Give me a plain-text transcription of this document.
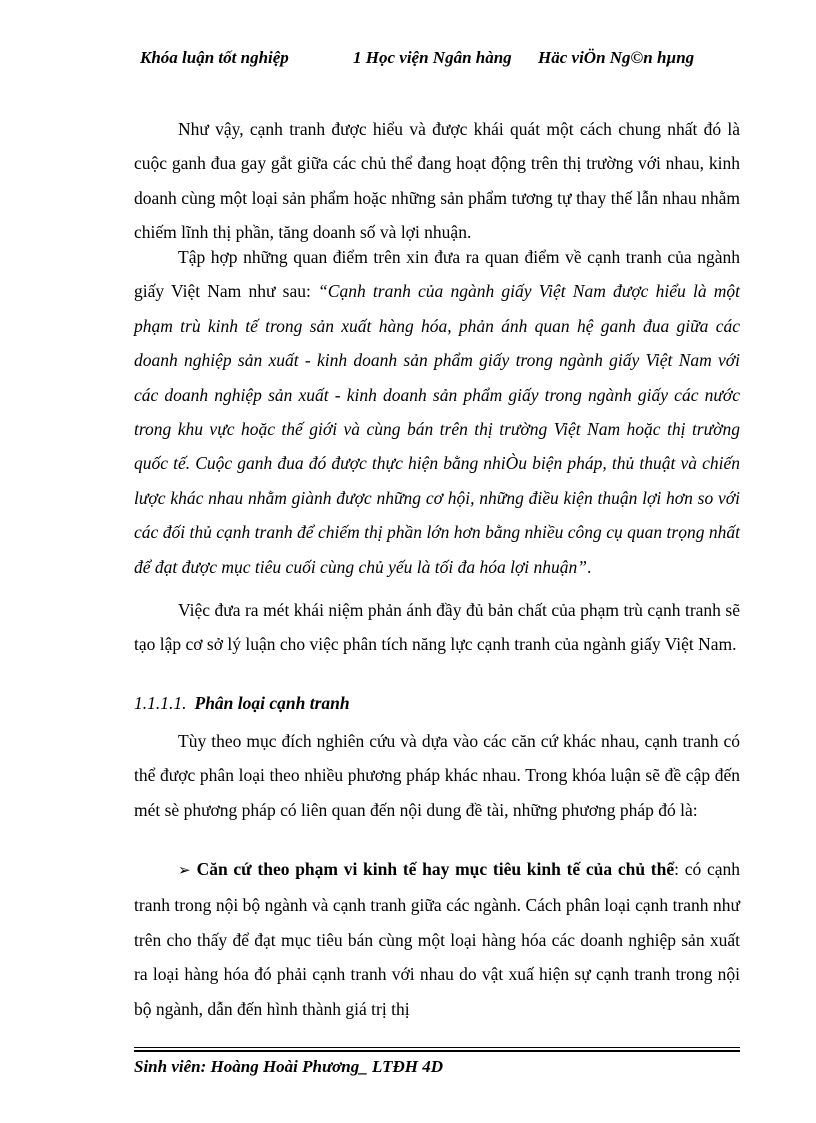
Khóa luận tốt nghiệp	1 Học viện Ngân hàng Häc viÖn Ng©n hµng

Như vậy, cạnh tranh được hiểu và được khái quát một cách chung nhất đó là cuộc ganh đua gay gắt giữa các chủ thể đang hoạt động trên thị trường với nhau, kinh doanh cùng một loại sản phẩm hoặc những sản phẩm tương tự thay thế lẫn nhau nhằm chiếm lĩnh thị phần, tăng doanh số và lợi nhuận.

Tập hợp những quan điểm trên xin đưa ra quan điểm về cạnh tranh của ngành giấy Việt Nam như sau: “Cạnh tranh của ngành giấy Việt Nam được hiểu là một phạm trù kinh tế trong sản xuất hàng hóa, phản ánh quan hệ ganh đua giữa các doanh nghiệp sản xuất - kinh doanh sản phẩm giấy trong ngành giấy Việt Nam với các doanh nghiệp sản xuất - kinh doanh sản phẩm giấy trong ngành giấy các nước trong khu vực hoặc thế giới và cùng bán trên thị trường Việt Nam hoặc thị trường quốc tế. Cuộc ganh đua đó được thực hiện bằng nhiÒu biện pháp, thủ thuật và chiến lược khác nhau nhằm giành được những cơ hội, những điều kiện thuận lợi hơn so với các đối thủ cạnh tranh để chiếm thị phần lớn hơn bằng nhiều công cụ quan trọng nhất để đạt được mục tiêu cuối cùng chủ yếu là tối đa hóa lợi nhuận”.

Việc đưa ra mét khái niệm phản ánh đầy đủ bản chất của phạm trù cạnh tranh sẽ tạo lập cơ sở lý luận cho việc phân tích năng lực cạnh tranh của ngành giấy Việt Nam.

1.1.1.1. Phân loại cạnh tranh

Tùy theo mục đích nghiên cứu và dựa vào các căn cứ khác nhau, cạnh tranh có thể được phân loại theo nhiều phương pháp khác nhau. Trong khóa luận sẽ đề cập đến mét sè phương pháp có liên quan đến nội dung đề tài, những phương pháp đó là:

➢ Căn cứ theo phạm vi kinh tế hay mục tiêu kinh tế của chủ thể: có cạnh tranh trong nội bộ ngành và cạnh tranh giữa các ngành. Cách phân loại cạnh tranh như trên cho thấy để đạt mục tiêu bán cùng một loại hàng hóa các doanh nghiệp sản xuất ra loại hàng hóa đó phải cạnh tranh với nhau do vật xuấ hiện sự cạnh tranh trong nội bộ ngành, dẫn đến hình thành giá trị thị

Sinh viên: Hoàng Hoài Phương_ LTĐH 4D
